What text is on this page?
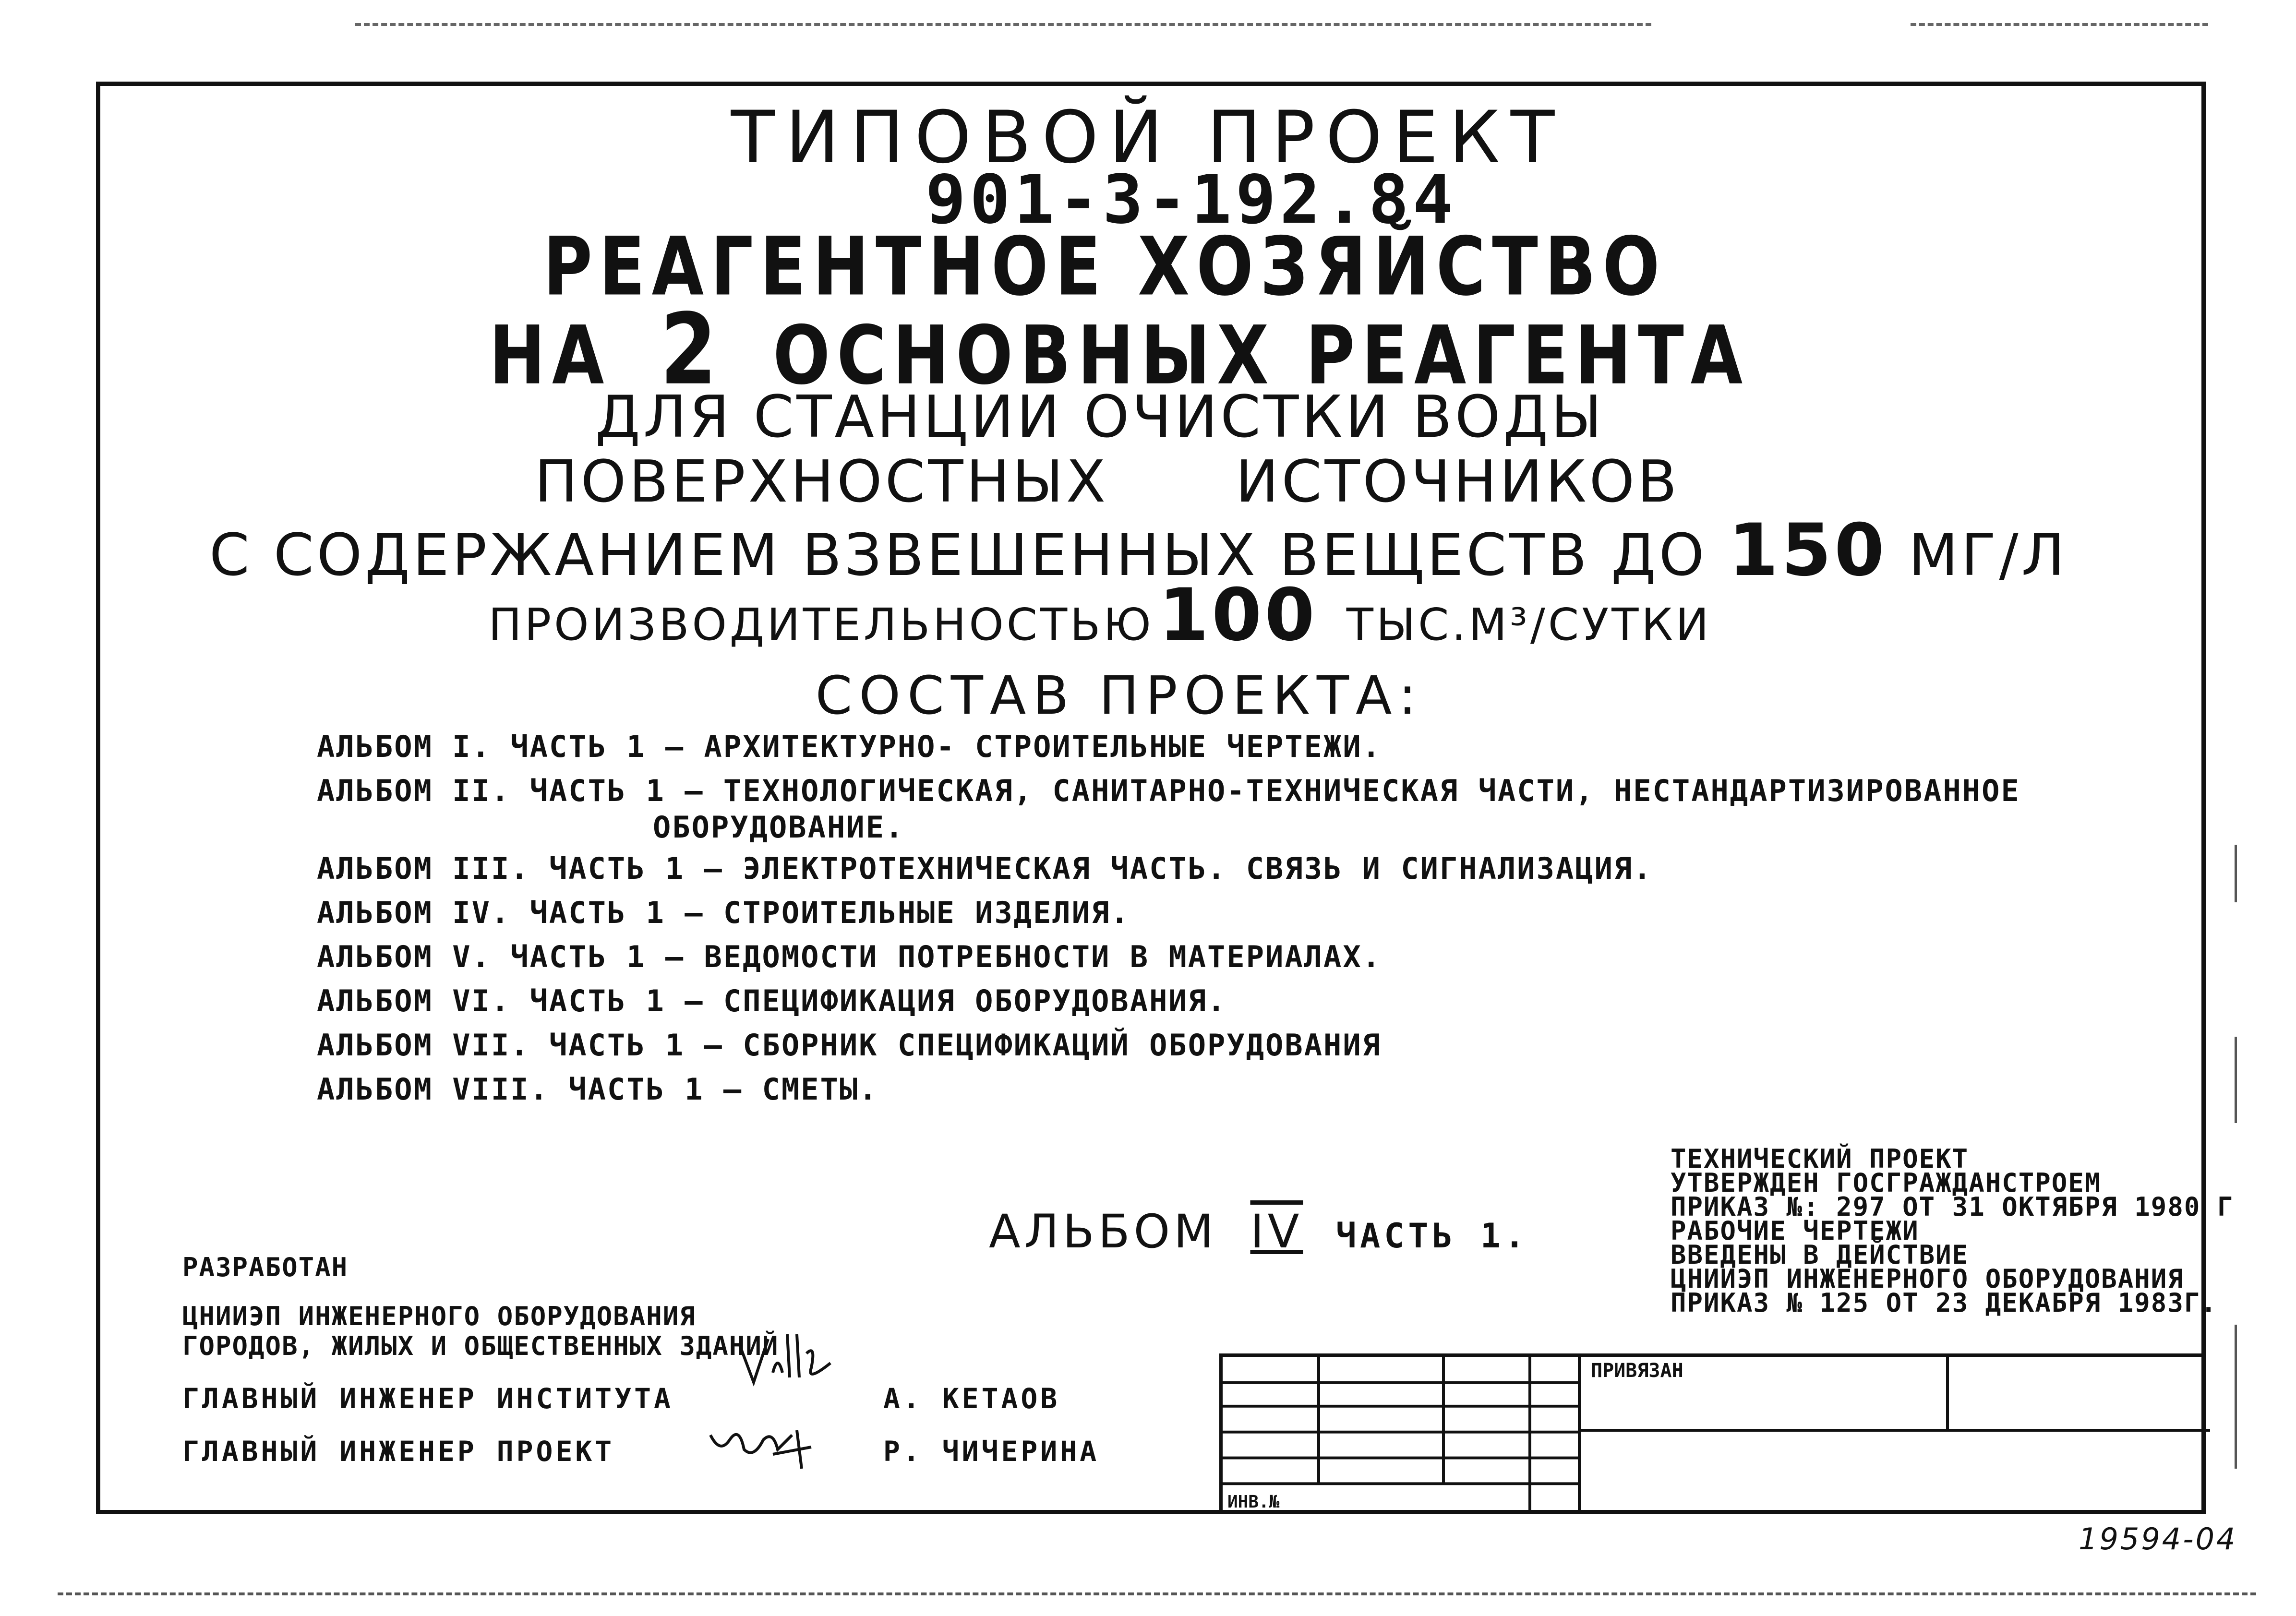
ТИПОВОЙ ПРОЕКТ
901-3-192.84
РЕАГЕНТНОЕ ХОЗЯЙСТВО
НА 2 ОСНОВНЫХ РЕАГЕНТА
ДЛЯ СТАНЦИИ ОЧИСТКИ ВОДЫ
ПОВЕРХНОСТНЫХ      ИСТОЧНИКОВ
С СОДЕРЖАНИЕМ ВЗВЕШЕННЫХ ВЕЩЕСТВ ДО 150 МГ/Л
ПРОИЗВОДИТЕЛЬНОСТЬЮ100 ТЫС.М³/СУТКИ
СОСТАВ ПРОЕКТА:
АЛЬБОМ I. ЧАСТЬ 1 — АРХИТЕКТУРНО- СТРОИТЕЛЬНЫЕ ЧЕРТЕЖИ.
АЛЬБОМ II. ЧАСТЬ 1 — ТЕХНОЛОГИЧЕСКАЯ, САНИТАРНО-ТЕХНИЧЕСКАЯ ЧАСТИ, НЕСТАНДАРТИЗИРОВАННОЕ
ОБОРУДОВАНИЕ.
АЛЬБОМ III. ЧАСТЬ 1 — ЭЛЕКТРОТЕХНИЧЕСКАЯ ЧАСТЬ. СВЯЗЬ И СИГНАЛИЗАЦИЯ.
АЛЬБОМ IV. ЧАСТЬ 1 — СТРОИТЕЛЬНЫЕ ИЗДЕЛИЯ.
АЛЬБОМ V. ЧАСТЬ 1 — ВЕДОМОСТИ ПОТРЕБНОСТИ В МАТЕРИАЛАХ.
АЛЬБОМ VI. ЧАСТЬ 1 — СПЕЦИФИКАЦИЯ ОБОРУДОВАНИЯ.
АЛЬБОМ VII. ЧАСТЬ 1 — СБОРНИК СПЕЦИФИКАЦИЙ ОБОРУДОВАНИЯ
АЛЬБОМ VIII. ЧАСТЬ 1 — СМЕТЫ.
АЛЬБОМ IV ЧАСТЬ 1.
ТЕХНИЧЕСКИЙ ПРОЕКТ
УТВЕРЖДЕН ГОСГРАЖДАНСТРОЕМ
ПРИКАЗ №: 297 ОТ 31 ОКТЯБРЯ 1980 Г
РАБОЧИЕ ЧЕРТЕЖИ
ВВЕДЕНЫ В ДЕЙСТВИЕ
ЦНИИЭП ИНЖЕНЕРНОГО ОБОРУДОВАНИЯ
ПРИКАЗ № 125 ОТ 23 ДЕКАБРЯ 1983Г.
РАЗРАБОТАН
ЦНИИЭП ИНЖЕНЕРНОГО ОБОРУДОВАНИЯ
ГОРОДОВ, ЖИЛЫХ И ОБЩЕСТВЕННЫХ ЗДАНИЙ
ГЛАВНЫЙ ИНЖЕНЕР ИНСТИТУТА	А. КЕТАОВ
ГЛАВНЫЙ ИНЖЕНЕР ПРОЕКТ	Р. ЧИЧЕРИНА
ИНВ.№
ПРИВЯЗАН
19594-04
